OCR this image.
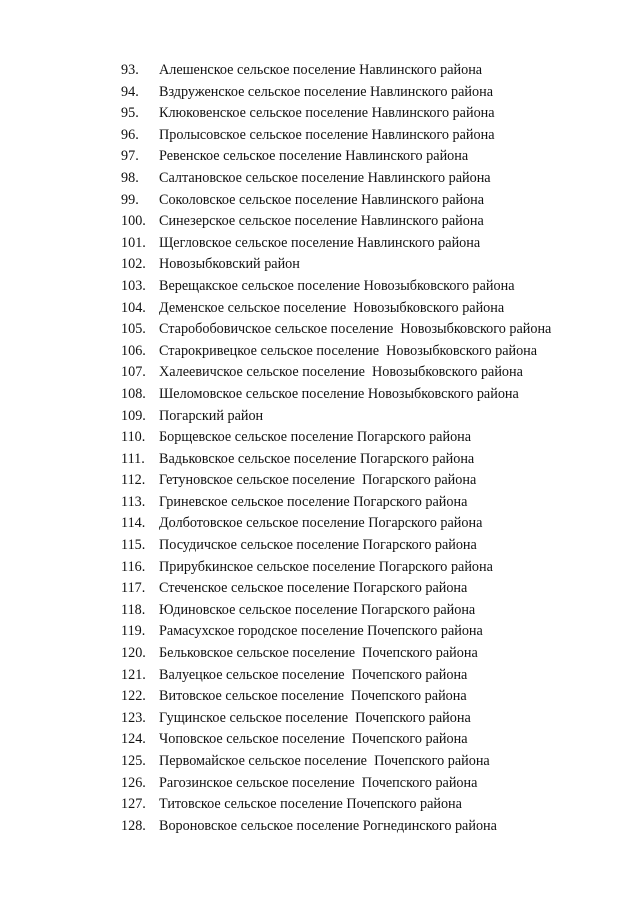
93.	Алешенское сельское поселение Навлинского района
94.	Вздруженское сельское поселение Навлинского района
95.	Клюковенское сельское поселение Навлинского района
96.	Пролысовское сельское поселение Навлинского района
97.	Ревенское сельское поселение Навлинского района
98.	Салтановское сельское поселение Навлинского района
99.	Соколовское сельское поселение Навлинского района
100. Синезерское сельское поселение Навлинского района
101. Щегловское сельское поселение Навлинского района
102. Новозыбковский район
103. Верещакское сельское поселение Новозыбковского района
104. Деменское сельское поселение  Новозыбковского района
105. Старобобовичское сельское поселение  Новозыбковского района
106. Старокривецкое сельское поселение  Новозыбковского района
107. Халеевичское сельское поселение  Новозыбковского района
108. Шеломовское сельское поселение Новозыбковского района
109. Погарский район
110. Борщевское сельское поселение Погарского района
111.	Вадьковское сельское поселение Погарского района
112. Гетуновское сельское поселение  Погарского района
113. Гриневское сельское поселение Погарского района
114. Долботовское сельское поселение Погарского района
115. Посудичское сельское поселение Погарского района
116. Прирубкинское сельское поселение Погарского района
117. Стеченское сельское поселение Погарского района
118. Юдиновское сельское поселение Погарского района
119. Рамасухское городское поселение Почепского района
120. Бельковское сельское поселение  Почепского района
121. Валуецкое сельское поселение  Почепского района
122. Витовское сельское поселение  Почепского района
123. Гущинское сельское поселение  Почепского района
124. Чоповское сельское поселение  Почепского района
125. Первомайское сельское поселение  Почепского района
126. Рагозинское сельское поселение  Почепского района
127. Титовское сельское поселение Почепского района
128. Вороновское сельское поселение Рогнединского района
